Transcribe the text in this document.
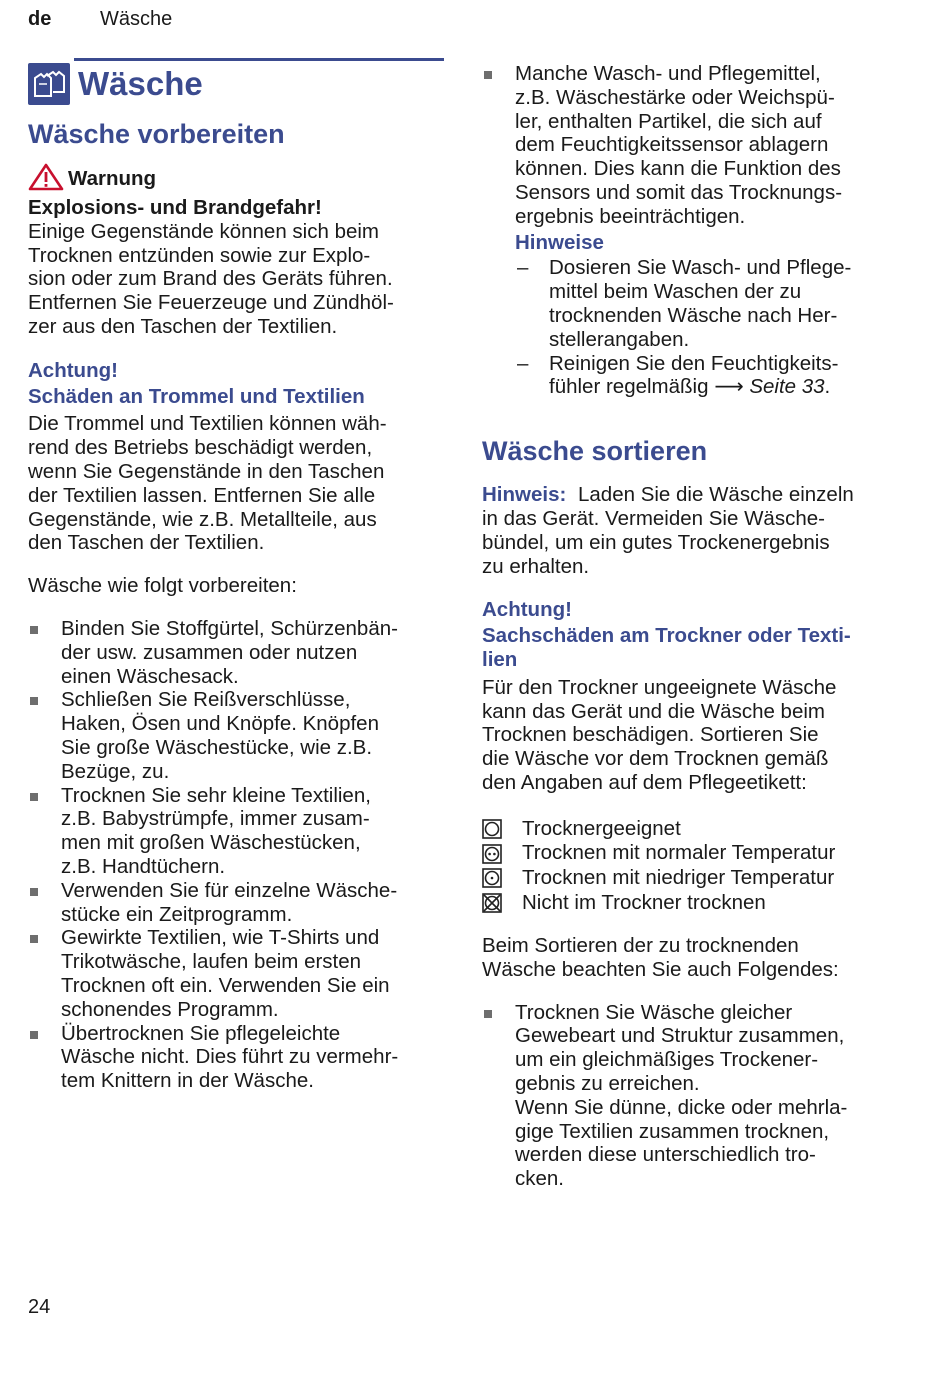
de Wäsche
Wäsche
Wäsche vorbereiten
Warnung

Explosions- und Brandgefahr!

Einige Gegenstände können sich beim
Trocknen entzünden sowie zur Explo-
sion oder zum Brand des Geräts führen.
Entfernen Sie Feuerzeuge und Zündhöl-
zer aus den Taschen der Textilien.

Achtung!

Schäden an Trommel und Textilien

Die Trommel und Textilien können wäh-
rend des Betriebs beschädigt werden,
wenn Sie Gegenstände in den Taschen
der Textilien lassen. Entfernen Sie alle
Gegenstände, wie z.B. Metallteile, aus
den Taschen der Textilien.

Wäsche wie folgt vorbereiten:

Binden Sie Stoffgürtel, Schürzenbän-
der usw. zusammen oder nutzen
einen Wäschesack.
Schließen Sie Reißverschlüsse,
Haken, Ösen und Knöpfe. Knöpfen
Sie große Wäschestücke, wie z.B.
Bezüge, zu.
Trocknen Sie sehr kleine Textilien,
z.B. Babystrümpfe, immer zusam-
men mit großen Wäschestücken,
z.B. Handtüchern.
Verwenden Sie für einzelne Wäsche-
stücke ein Zeitprogramm.
Gewirkte Textilien, wie T-Shirts und
Trikotwäsche, laufen beim ersten
Trocknen oft ein. Verwenden Sie ein
schonendes Programm.
Übertrocknen Sie pflegeleichte
Wäsche nicht. Dies führt zu vermehr-
tem Knittern in der Wäsche.
Manche Wasch- und Pflegemittel,
z.B. Wäschestärke oder Weichspü-
ler, enthalten Partikel, die sich auf
dem Feuchtigkeitssensor ablagern
können. Dies kann die Funktion des
Sensors und somit das Trocknungs-
ergebnis beeinträchtigen.

Hinweise

– Dosieren Sie Wasch- und Pflege-
mittel beim Waschen der zu
trocknenden Wäsche nach Her-
stellerangaben.
– Reinigen Sie den Feuchtigkeits-
fühler regelmäßig ⟶ Seite 33.
Wäsche sortieren

Hinweis: Laden Sie die Wäsche einzeln
in das Gerät. Vermeiden Sie Wäsche-
bündel, um ein gutes Trockenergebnis
zu erhalten.

Achtung!

Sachschäden am Trockner oder Texti-
lien

Für den Trockner ungeeignete Wäsche
kann das Gerät und die Wäsche beim
Trocknen beschädigen. Sortieren Sie
die Wäsche vor dem Trocknen gemäß
den Angaben auf dem Pflegeetikett:

Trocknergeeignet
Trocknen mit normaler Temperatur
Trocknen mit niedriger Temperatur
Nicht im Trockner trocknen

Beim Sortieren der zu trocknenden
Wäsche beachten Sie auch Folgendes:

Trocknen Sie Wäsche gleicher
Gewebeart und Struktur zusammen,
um ein gleichmäßiges Trockener-
gebnis zu erreichen.
Wenn Sie dünne, dicke oder mehrla-
gige Textilien zusammen trocknen,
werden diese unterschiedlich tro-
cken.
24
